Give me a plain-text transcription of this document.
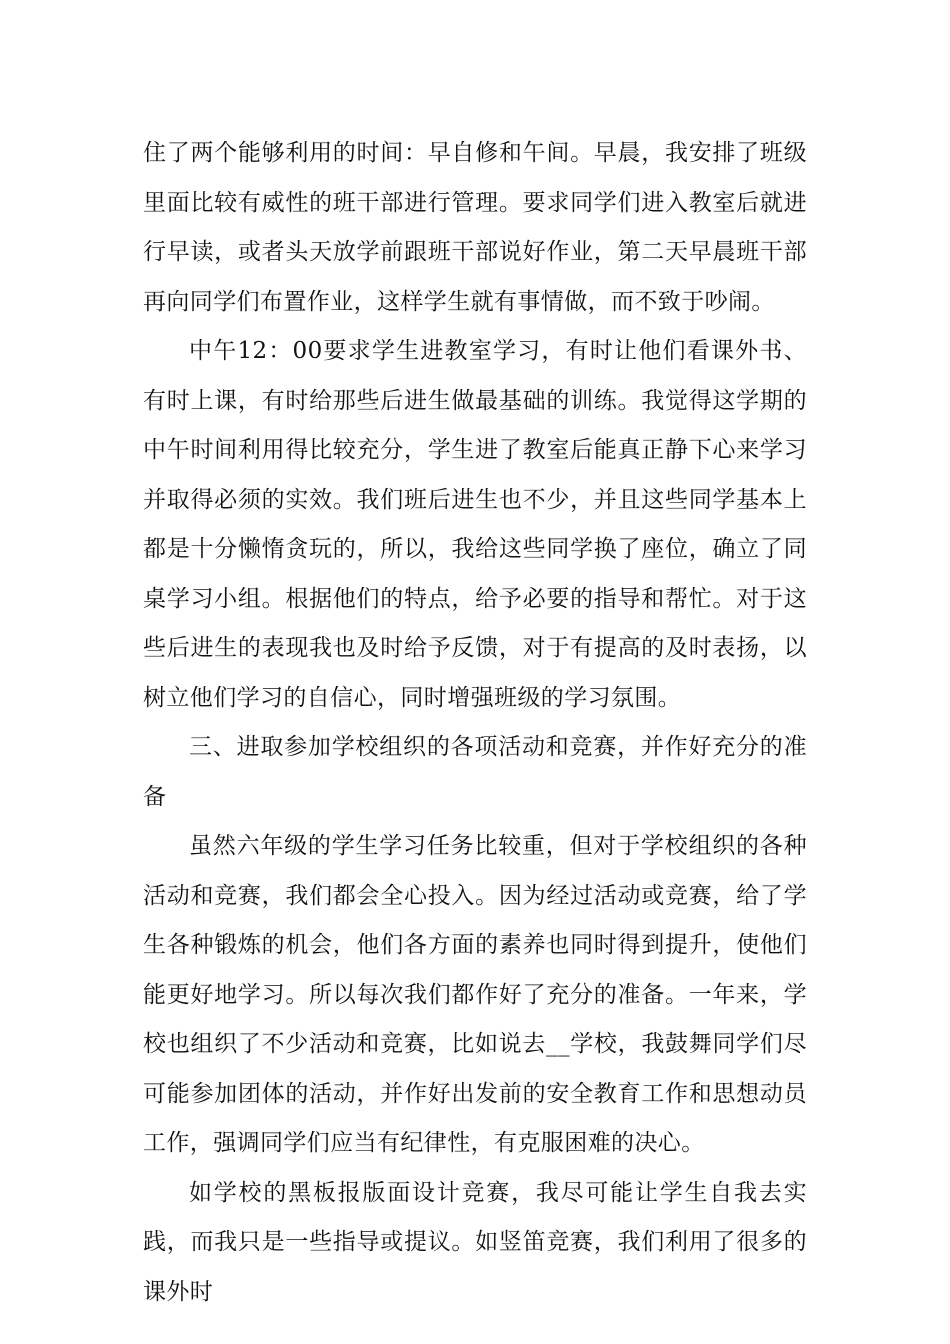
住了两个能够利用的时间：早自修和午间。早晨，我安排了班级里面比较有威性的班干部进行管理。要求同学们进入教室后就进行早读，或者头天放学前跟班干部说好作业，第二天早晨班干部再向同学们布置作业，这样学生就有事情做，而不致于吵闹。

中午12：00要求学生进教室学习，有时让他们看课外书、有时上课，有时给那些后进生做最基础的训练。我觉得这学期的中午时间利用得比较充分，学生进了教室后能真正静下心来学习并取得必须的实效。我们班后进生也不少，并且这些同学基本上都是十分懒惰贪玩的，所以，我给这些同学换了座位，确立了同桌学习小组。根据他们的特点，给予必要的指导和帮忙。对于这些后进生的表现我也及时给予反馈，对于有提高的及时表扬，以树立他们学习的自信心，同时增强班级的学习氛围。

三、进取参加学校组织的各项活动和竞赛，并作好充分的准备

虽然六年级的学生学习任务比较重，但对于学校组织的各种活动和竞赛，我们都会全心投入。因为经过活动或竞赛，给了学生各种锻炼的机会，他们各方面的素养也同时得到提升，使他们能更好地学习。所以每次我们都作好了充分的准备。一年来，学校也组织了不少活动和竞赛，比如说去__学校，我鼓舞同学们尽可能参加团体的活动，并作好出发前的安全教育工作和思想动员工作，强调同学们应当有纪律性，有克服困难的决心。

如学校的黑板报版面设计竞赛，我尽可能让学生自我去实践，而我只是一些指导或提议。如竖笛竞赛，我们利用了很多的课外时
